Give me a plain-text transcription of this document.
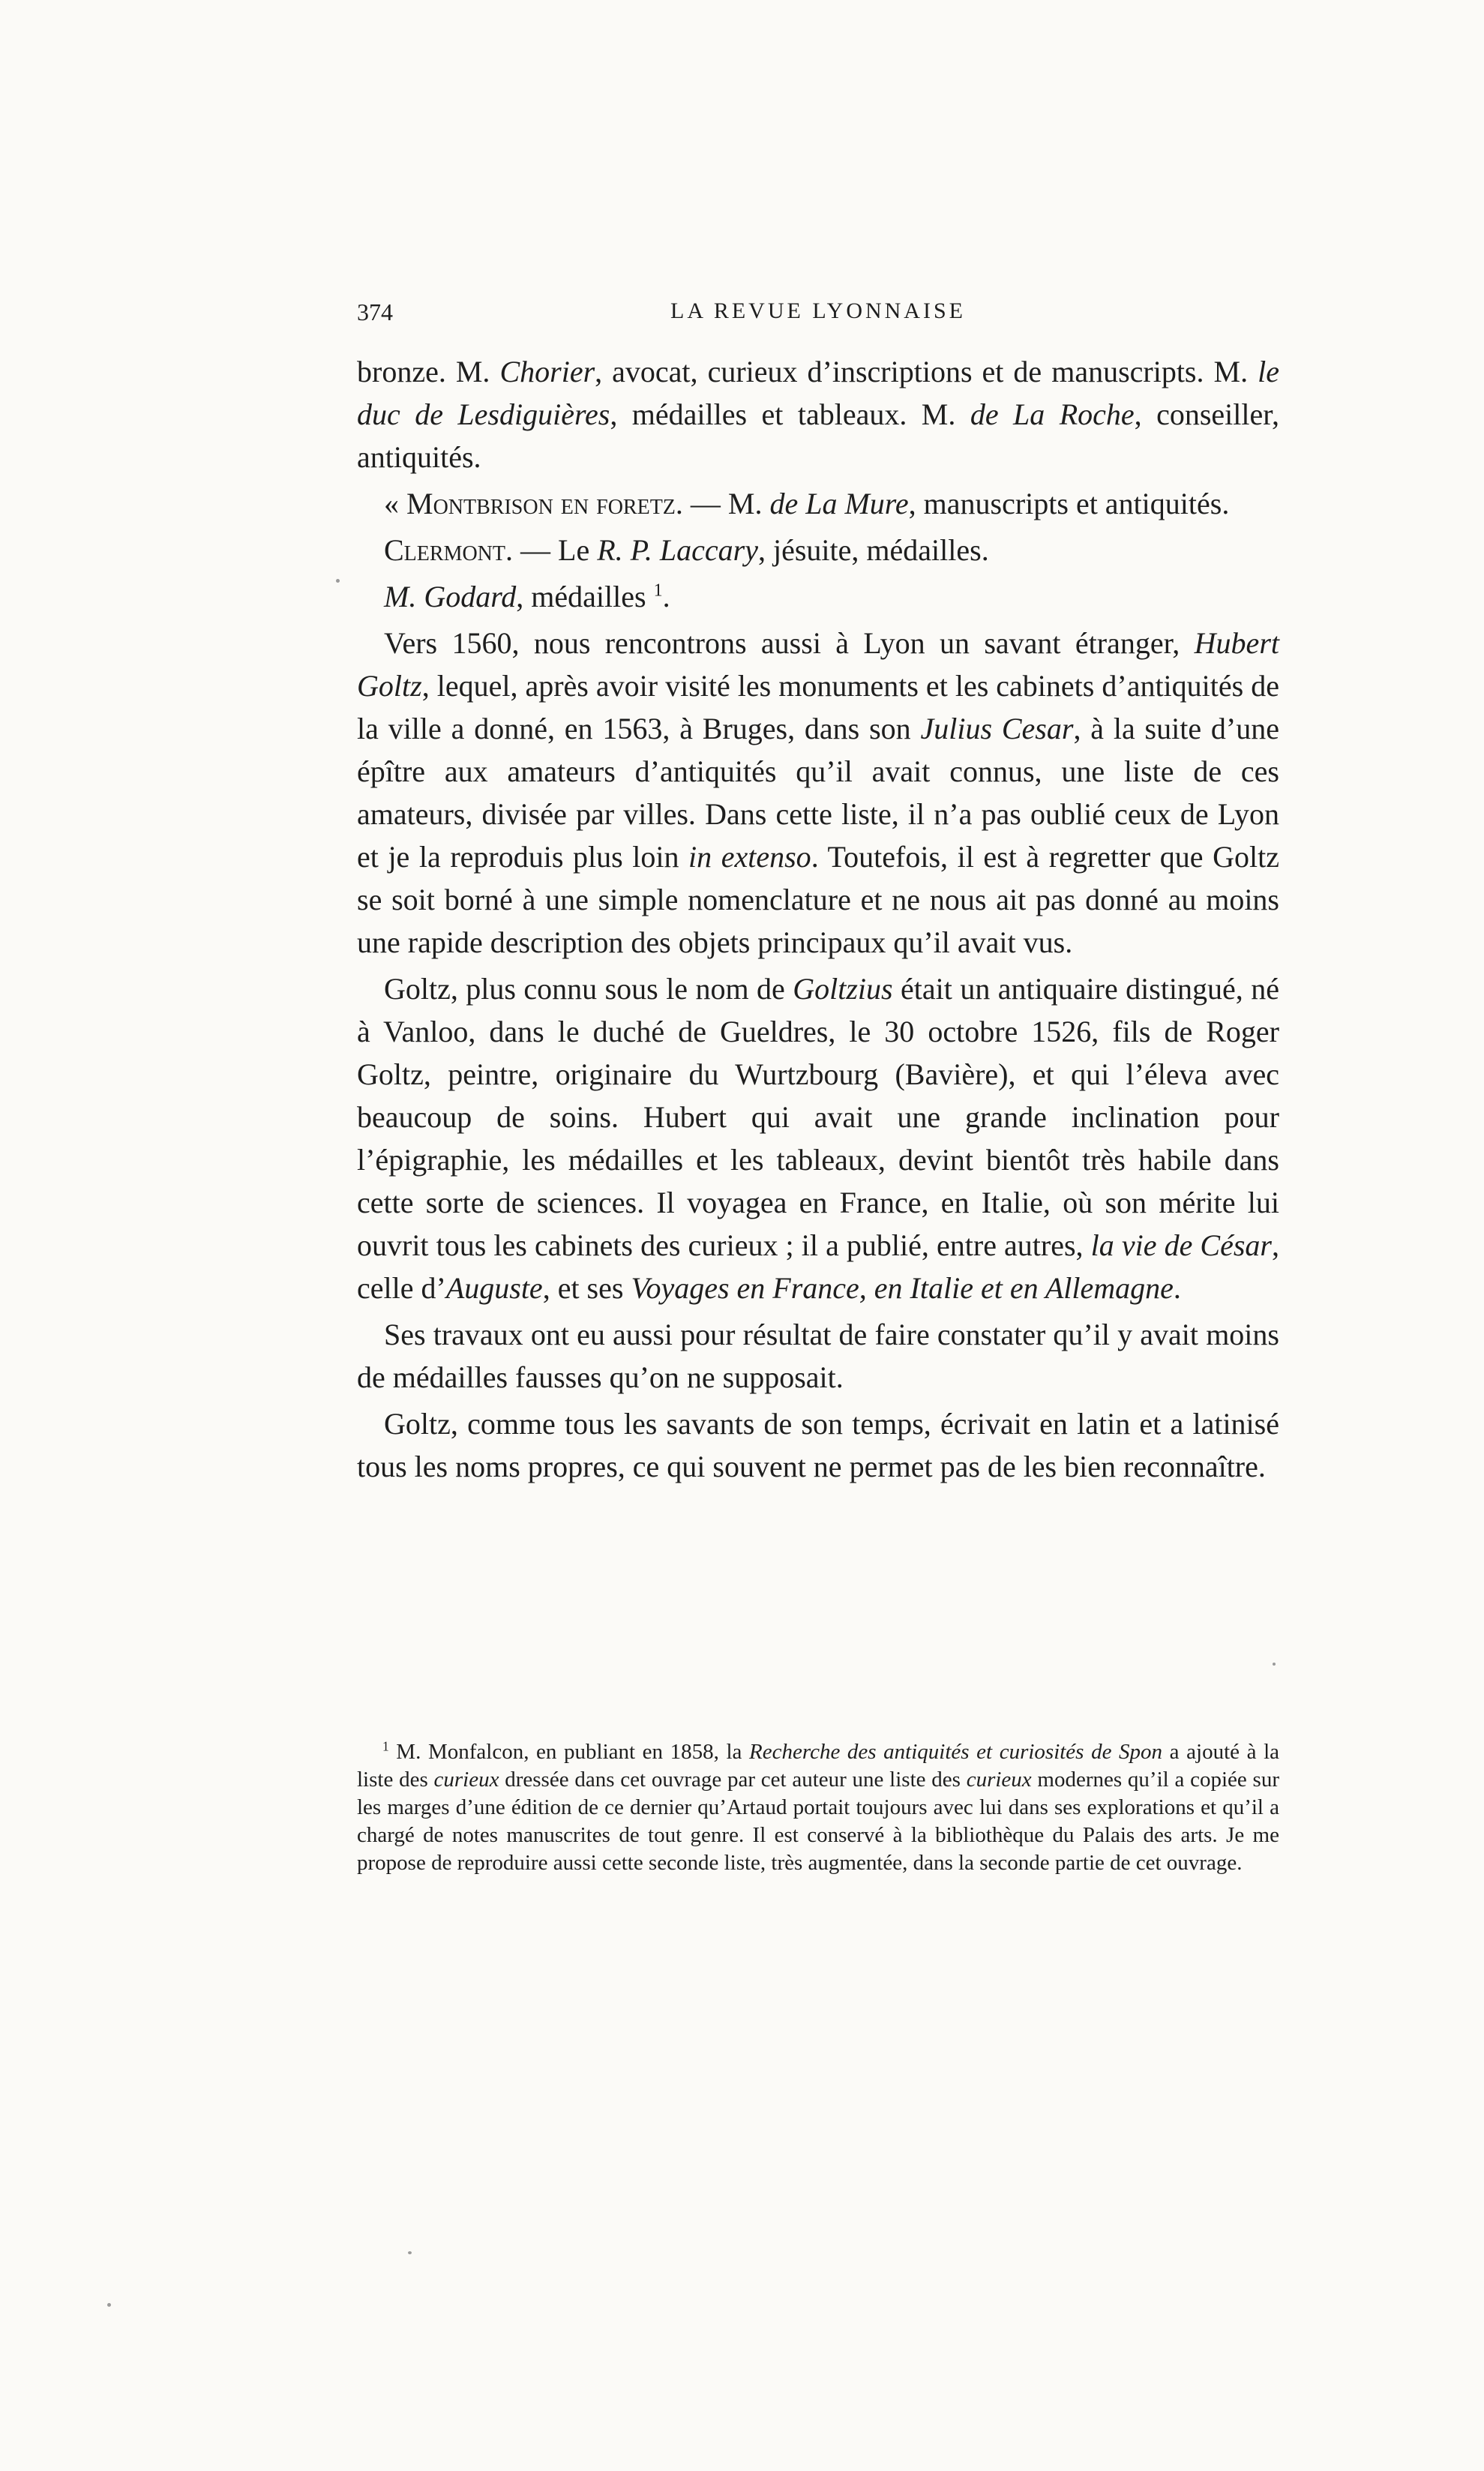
374	LA REVUE LYONNAISE

bronze. M. Chorier, avocat, curieux d’inscriptions et de manuscripts. M. le duc de Lesdiguières, médailles et tableaux. M. de La Roche, conseiller, antiquités.

« Montbrison en foretz. — M. de La Mure, manuscripts et antiquités.

Clermont. — Le R. P. Laccary, jésuite, médailles.

M. Godard, médailles $^1$.

Vers 1560, nous rencontrons aussi à Lyon un savant étranger, Hubert Goltz, lequel, après avoir visité les monuments et les cabinets d’antiquités de la ville a donné, en 1563, à Bruges, dans son Julius Cesar, à la suite d’une épître aux amateurs d’antiquités qu’il avait connus, une liste de ces amateurs, divisée par villes. Dans cette liste, il n’a pas oublié ceux de Lyon et je la reproduis plus loin in extenso. Toutefois, il est à regretter que Goltz se soit borné à une simple nomenclature et ne nous ait pas donné au moins une rapide description des objets principaux qu’il avait vus.

Goltz, plus connu sous le nom de Goltzius était un antiquaire distingué, né à Vanloo, dans le duché de Gueldres, le 30 octobre 1526, fils de Roger Goltz, peintre, originaire du Wurtzbourg (Bavière), et qui l’éleva avec beaucoup de soins. Hubert qui avait une grande inclination pour l’épigraphie, les médailles et les tableaux, devint bientôt très habile dans cette sorte de sciences. Il voyagea en France, en Italie, où son mérite lui ouvrit tous les cabinets des curieux ; il a publié, entre autres, la vie de César, celle d’Auguste, et ses Voyages en France, en Italie et en Allemagne.

Ses travaux ont eu aussi pour résultat de faire constater qu’il y avait moins de médailles fausses qu’on ne supposait.

Goltz, comme tous les savants de son temps, écrivait en latin et a latinisé tous les noms propres, ce qui souvent ne permet pas de les bien reconnaître.

$^1$ M. Monfalcon, en publiant en 1858, la Recherche des antiquités et curiosités de Spon a ajouté à la liste des curieux dressée dans cet ouvrage par cet auteur une liste des curieux modernes qu’il a copiée sur les marges d’une édition de ce dernier qu’Artaud portait toujours avec lui dans ses explorations et qu’il a chargé de notes manuscrites de tout genre. Il est conservé à la bibliothèque du Palais des arts. Je me propose de reproduire aussi cette seconde liste, très augmentée, dans la seconde partie de cet ouvrage.
